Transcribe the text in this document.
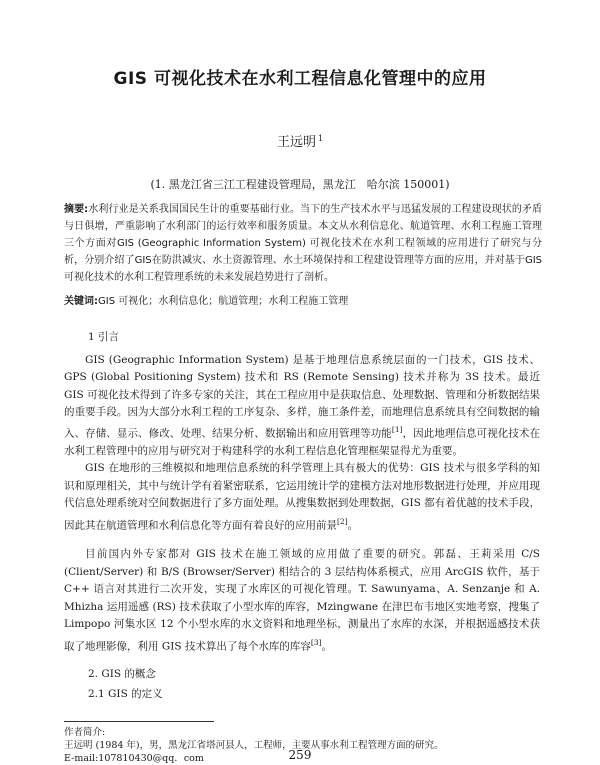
GIS 可视化技术在水利工程信息化管理中的应用
王远明 $^1$
(1. 黑龙江省三江工程建设管理局，黑龙江　哈尔滨 150001)
摘要:水利行业是关系我国国民生计的重要基础行业。当下的生产技术水平与迅猛发展的工程建设现状的矛盾与日俱增，严重影响了水利部门的运行效率和服务质量。本文从水利信息化、航道管理、水利工程施工管理三个方面对GIS (Geographic Information System) 可视化技术在水利工程领域的应用进行了研究与分析，分别介绍了GIS在防洪减灾、水土资源管理、水土环境保持和工程建设管理等方面的应用，并对基于GIS可视化技术的水利工程管理系统的未来发展趋势进行了剖析。
关键词:GIS 可视化；水利信息化；航道管理；水利工程施工管理
1 引言
GIS (Geographic Information System) 是基于地理信息系统层面的一门技术，GIS 技术、GPS (Global Positioning System) 技术和 RS (Remote Sensing) 技术并称为 3S 技术。最近 GIS 可视化技术得到了许多专家的关注，其在工程应用中是获取信息、处理数据、管理和分析数据结果的重要手段。因为大部分水利工程的工序复杂、多样，施工条件差，而地理信息系统具有空间数据的输入、存储、显示、修改、处理、结果分析、数据输出和应用管理等功能[1]，因此地理信息可视化技术在水利工程管理中的应用与研究对于构建科学的水利工程信息化管理框架显得尤为重要。
GIS 在地形的三维模拟和地理信息系统的科学管理上具有极大的优势：GIS 技术与很多学科的知识和原理相关，其中与统计学有着紧密联系，它运用统计学的建模方法对地形数据进行处理，并应用现代信息处理系统对空间数据进行了多方面处理。从搜集数据到处理数据，GIS 都有着优越的技术手段，因此其在航道管理和水利信息化等方面有着良好的应用前景[2]。
目前国内外专家都对 GIS 技术在施工领域的应用做了重要的研究。郭磊、王莉采用 C/S (Client/Server) 和 B/S (Browser/Server) 相结合的 3 层结构体系模式，应用 ArcGIS 软件，基于 C++ 语言对其进行二次开发，实现了水库区的可视化管理。T. Sawunyama、A. Senzanje 和 A. Mhizha 运用遥感 (RS) 技术获取了小型水库的库容，Mzingwane 在津巴布韦地区实地考察，搜集了 Limpopo 河集水区 12 个小型水库的水文资料和地理坐标，测量出了水库的水深，并根据遥感技术获取了地理影像，利用 GIS 技术算出了每个水库的库容[3]。
2. GIS 的概念
2.1 GIS 的定义
作者简介:
王远明 (1984 年)，男，黑龙江省塔河县人，工程师，主要从事水利工程管理方面的研究。
E-mail:107810430@qq．com	259
